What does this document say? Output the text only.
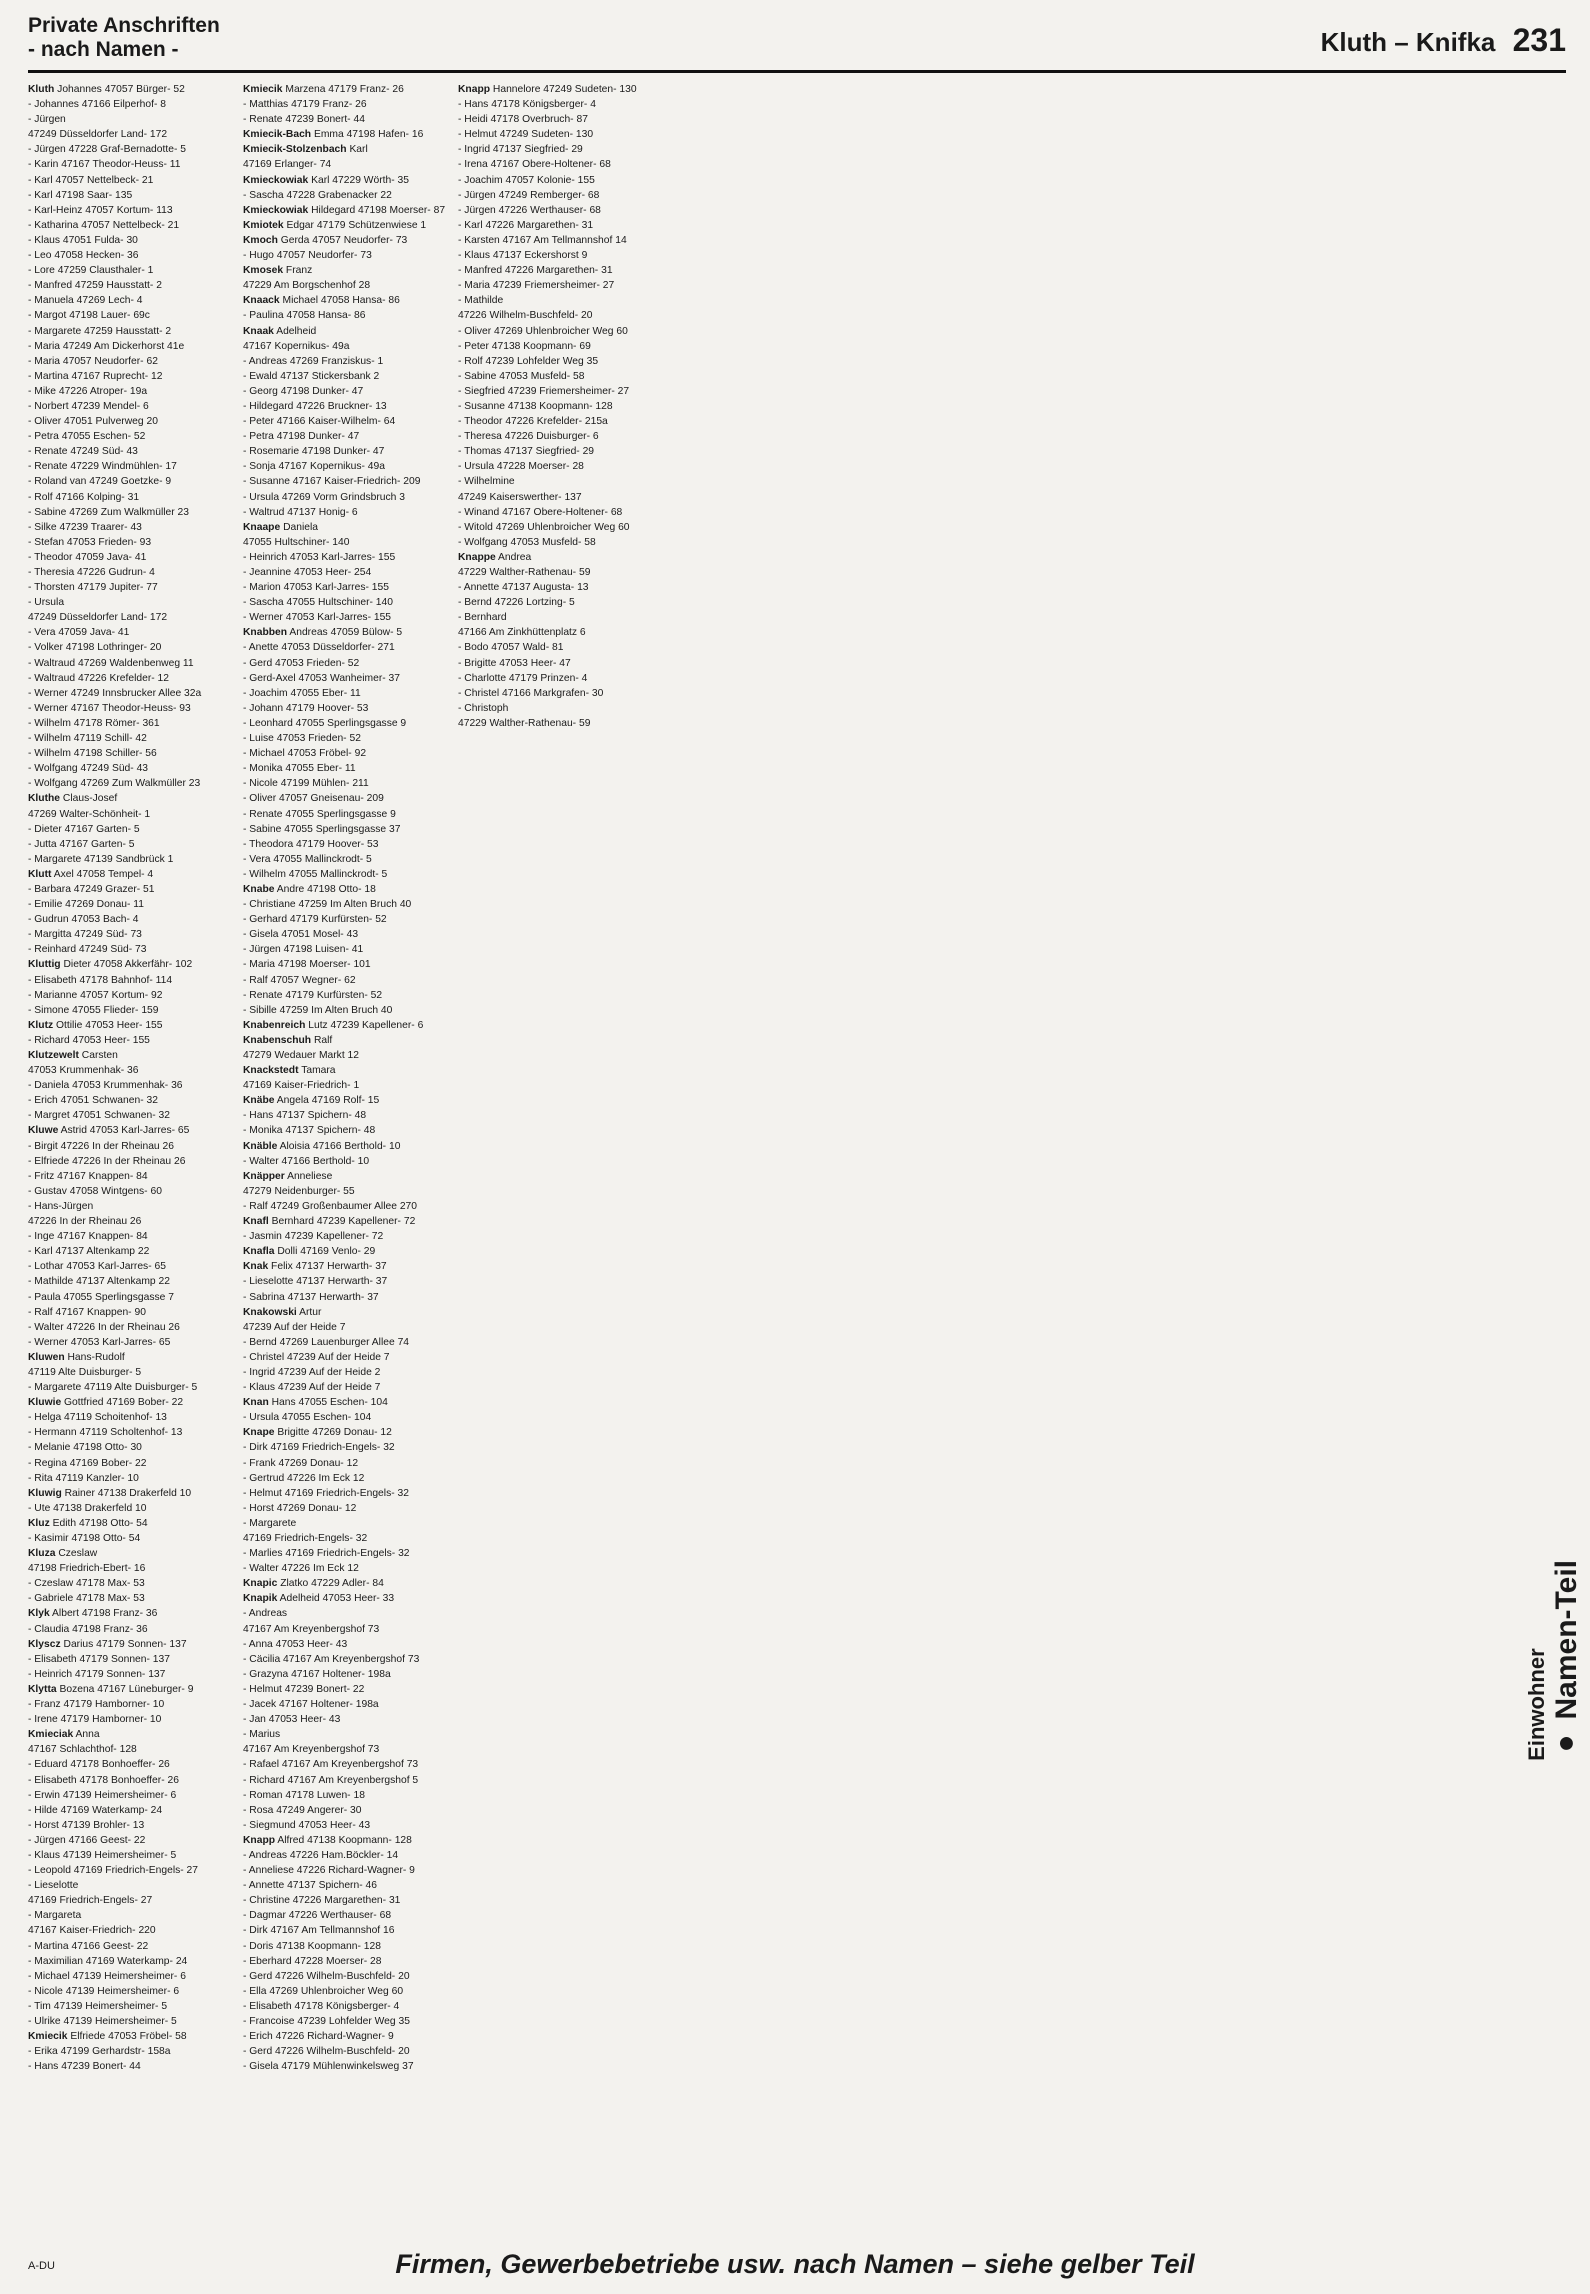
Private Anschriften
- nach Namen -	Kluth – Knifka 231
Kluth Johannes 47057 Bürger- 52
- Johannes 47166 Eilperhof- 8
- Jürgen
47249 Düsseldorfer Land- 172
- Jürgen 47228 Graf-Bernadotte- 5
- Karin 47167 Theodor-Heuss- 11
- Karl 47057 Nettelbeck- 21
- Karl 47198 Saar- 135
- Karl-Heinz 47057 Kortum- 113
- Katharina 47057 Nettelbeck- 21
- Klaus 47051 Fulda- 30
- Leo 47058 Hecken- 36
- Lore 47259 Clausthaler- 1
- Manfred 47259 Hausstatt- 2
- Manuela 47269 Lech- 4
- Margot 47198 Lauer- 69c
- Margarete 47259 Hausstatt- 2
- Maria 47249 Am Dickerhorst 41e
- Maria 47057 Neudorfer- 62
- Martina 47167 Ruprecht- 12
- Mike 47226 Atroper- 19a
- Norbert 47239 Mendel- 6
- Oliver 47051 Pulverweg 20
- Petra 47055 Eschen- 52
- Renate 47249 Süd- 43
- Renate 47229 Windmühlen- 17
- Roland van 47249 Goetzke- 9
- Rolf 47166 Kolping- 31
- Sabine 47269 Zum Walkmüller 23
- Silke 47239 Traarer- 43
- Stefan 47053 Frieden- 93
- Theodor 47059 Java- 41
- Theresia 47226 Gudrun- 4
- Thorsten 47179 Jupiter- 77
- Ursula
47249 Düsseldorfer Land- 172
- Vera 47059 Java- 41
- Volker 47198 Lothringer- 20
- Waltraud 47269 Waldenbenweg 11
- Waltraud 47226 Krefelder- 12
- Werner 47249 Innsbrucker Allee 32a
- Werner 47167 Theodor-Heuss- 93
- Wilhelm 47178 Römer- 361
- Wilhelm 47119 Schill- 42
- Wilhelm 47198 Schiller- 56
- Wolfgang 47249 Süd- 43
- Wolfgang 47269 Zum Walkmüller 23
Kluthe Claus-Josef
47269 Walter-Schönheit- 1
- Dieter 47167 Garten- 5
- Jutta 47167 Garten- 5
- Margarete 47139 Sandbrück 1
Klutt Axel 47058 Tempel- 4
- Barbara 47249 Grazer- 51
- Emilie 47269 Donau- 11
- Gudrun 47053 Bach- 4
- Margitta 47249 Süd- 73
- Reinhard 47249 Süd- 73
Kluttig Dieter 47058 Akkerfähr- 102
- Elisabeth 47178 Bahnhof- 114
- Marianne 47057 Kortum- 92
- Simone 47055 Flieder- 159
Klutz Ottilie 47053 Heer- 155
- Richard 47053 Heer- 155
Klutzewelt Carsten
47053 Krummenhak- 36
- Daniela 47053 Krummenhak- 36
- Erich 47051 Schwanen- 32
- Margret 47051 Schwanen- 32
Kluwe Astrid 47053 Karl-Jarres- 65
- Birgit 47226 In der Rheinau 26
- Elfriede 47226 In der Rheinau 26
- Fritz 47167 Knappen- 84
- Gustav 47058 Wintgens- 60
- Hans-Jürgen
47226 In der Rheinau 26
- Inge 47167 Knappen- 84
- Karl 47137 Altenkamp 22
- Lothar 47053 Karl-Jarres- 65
- Mathilde 47137 Altenkamp 22
- Paula 47055 Sperlingsgasse 7
- Ralf 47167 Knappen- 90
- Walter 47226 In der Rheinau 26
- Werner 47053 Karl-Jarres- 65
Kluwen Hans-Rudolf
47119 Alte Duisburger- 5
- Margarete 47119 Alte Duisburger- 5
Kluwie Gottfried 47169 Bober- 22
- Helga 47119 Schoitenhof- 13
- Hermann 47119 Scholtenhof- 13
- Melanie 47198 Otto- 30
- Regina 47169 Bober- 22
- Rita 47119 Kanzler- 10
Kluwig Rainer 47138 Drakerfeld 10
- Ute 47138 Drakerfeld 10
Kluz Edith 47198 Otto- 54
- Kasimir 47198 Otto- 54
Kluza Czeslaw
47198 Friedrich-Ebert- 16
- Czeslaw 47178 Max- 53
- Gabriele 47178 Max- 53
Klyk Albert 47198 Franz- 36
- Claudia 47198 Franz- 36
Klyscz Darius 47179 Sonnen- 137
- Elisabeth 47179 Sonnen- 137
- Heinrich 47179 Sonnen- 137
Klytta Bozena 47167 Lüneburger- 9
- Franz 47179 Hamborner- 10
- Irene 47179 Hamborner- 10
Kmieciak Anna
47167 Schlachthof- 128
- Eduard 47178 Bonhoeffer- 26
- Elisabeth 47178 Bonhoeffer- 26
- Erwin 47139 Heimersheimer- 6
- Hilde 47169 Waterkamp- 24
- Horst 47139 Brohler- 13
- Jürgen 47166 Geest- 22
- Klaus 47139 Heimersheimer- 5
- Leopold 47169 Friedrich-Engels- 27
- Lieselotte
47169 Friedrich-Engels- 27
- Margareta
47167 Kaiser-Friedrich- 220
- Martina 47166 Geest- 22
- Maximilian 47169 Waterkamp- 24
- Michael 47139 Heimersheimer- 6
- Nicole 47139 Heimersheimer- 6
- Tim 47139 Heimersheimer- 5
- Ulrike 47139 Heimersheimer- 5
Kmiecik Elfriede 47053 Fröbel- 58
- Erika 47199 Gerhardstr- 158a
- Hans 47239 Bonert- 44
Kmiecik Marzena 47179 Franz- 26
- Matthias 47179 Franz- 26
- Renate 47239 Bonert- 44
Kmiecik-Bach Emma 47198 Hafen- 16
Kmiecik-Stolzenbach Karl
47169 Erlanger- 74
Kmieckowiak Karl 47229 Wörth- 35
- Sascha 47228 Grabenacker 22
Kmieckowiak Hildegard 47198 Moerser- 87
Kmiotek Edgar 47179 Schützenwiese 1
Kmoch Gerda 47057 Neudorfer- 73
- Hugo 47057 Neudorfer- 73
Kmosek Franz
47229 Am Borgschenhof 28
Knaack Michael 47058 Hansa- 86
- Paulina 47058 Hansa- 86
Knaak Adelheid
47167 Kopernikus- 49a
- Andreas 47269 Franziskus- 1
- Ewald 47137 Stickersbank 2
- Georg 47198 Dunker- 47
- Hildegard 47226 Bruckner- 13
- Peter 47166 Kaiser-Wilhelm- 64
- Petra 47198 Dunker- 47
- Rosemarie 47198 Dunker- 47
- Sonja 47167 Kopernikus- 49a
- Susanne 47167 Kaiser-Friedrich- 209
- Ursula 47269 Vorm Grindsbruch 3
- Waltrud 47137 Honig- 6
Knaape Daniela
47055 Hultschiner- 140
- Heinrich 47053 Karl-Jarres- 155
- Jeannine 47053 Heer- 254
- Marion 47053 Karl-Jarres- 155
- Sascha 47055 Hultschiner- 140
- Werner 47053 Karl-Jarres- 155
Knabben Andreas 47059 Bülow- 5
- Anette 47053 Düsseldorfer- 271
- Gerd 47053 Frieden- 52
- Gerd-Axel 47053 Wanheimer- 37
- Joachim 47055 Eber- 11
- Johann 47179 Hoover- 53
- Leonhard 47055 Sperlingsgasse 9
- Luise 47053 Frieden- 52
- Michael 47053 Fröbel- 92
- Monika 47055 Eber- 11
- Nicole 47199 Mühlen- 211
- Oliver 47057 Gneisenau- 209
- Renate 47055 Sperlingsgasse 9
- Sabine 47055 Sperlingsgasse 37
- Theodora 47179 Hoover- 53
- Vera 47055 Mallinckrodt- 5
- Wilhelm 47055 Mallinckrodt- 5
Knabe Andre 47198 Otto- 18
- Christiane 47259 Im Alten Bruch 40
- Gerhard 47179 Kurfürsten- 52
- Gisela 47051 Mosel- 43
- Jürgen 47198 Luisen- 41
- Maria 47198 Moerser- 101
- Ralf 47057 Wegner- 62
- Renate 47179 Kurfürsten- 52
- Sibille 47259 Im Alten Bruch 40
Knabenreich Lutz 47239 Kapellener- 6
Knabenschuh Ralf
47279 Wedauer Markt 12
Knackstedt Tamara
47169 Kaiser-Friedrich- 1
Knäbe Angela 47169 Rolf- 15
- Hans 47137 Spichern- 48
- Monika 47137 Spichern- 48
Knäble Aloisia 47166 Berthold- 10
- Walter 47166 Berthold- 10
Knäpper Anneliese
47279 Neidenburger- 55
- Ralf 47249 Großenbaumer Allee 270
Knafl Bernhard 47239 Kapellener- 72
- Jasmin 47239 Kapellener- 72
Knafla Dolli 47169 Venlo- 29
Knak Felix 47137 Herwarth- 37
- Lieselotte 47137 Herwarth- 37
- Sabrina 47137 Herwarth- 37
Knakowski Artur
47239 Auf der Heide 7
- Bernd 47269 Lauenburger Allee 74
- Christel 47239 Auf der Heide 7
- Ingrid 47239 Auf der Heide 2
- Klaus 47239 Auf der Heide 7
Knan Hans 47055 Eschen- 104
- Ursula 47055 Eschen- 104
Knape Brigitte 47269 Donau- 12
- Dirk 47169 Friedrich-Engels- 32
- Frank 47269 Donau- 12
- Gertrud 47226 Im Eck 12
- Helmut 47169 Friedrich-Engels- 32
- Horst 47269 Donau- 12
- Margarete
47169 Friedrich-Engels- 32
- Marlies 47169 Friedrich-Engels- 32
- Walter 47226 Im Eck 12
Knapic Zlatko 47229 Adler- 84
Knapik Adelheid 47053 Heer- 33
- Andreas
47167 Am Kreyenbergshof 73
- Anna 47053 Heer- 43
- Cäcilia 47167 Am Kreyenbergshof 73
- Grazyna 47167 Holtener- 198a
- Helmut 47239 Bonert- 22
- Jacek 47167 Holtener- 198a
- Jan 47053 Heer- 43
- Marius
47167 Am Kreyenbergshof 73
- Rafael 47167 Am Kreyenbergshof 73
- Richard 47167 Am Kreyenbergshof 5
- Roman 47178 Luwen- 18
- Rosa 47249 Angerer- 30
- Siegmund 47053 Heer- 43
Knapp Alfred 47138 Koopmann- 128
- Andreas 47226 Ham.Böckler- 14
- Anneliese 47226 Richard-Wagner- 9
- Annette 47137 Spichern- 46
- Christine 47226 Margarethen- 31
- Dagmar 47226 Werthauser- 68
- Dirk 47167 Am Tellmannshof 16
- Doris 47138 Koopmann- 128
- Eberhard 47228 Moerser- 28
- Gerd 47226 Wilhelm-Buschfeld- 20
- Ella 47269 Uhlenbroicher Weg 60
- Elisabeth 47178 Königsberger- 4
- Francoise 47239 Lohfelder Weg 35
- Erich 47226 Richard-Wagner- 9
- Gerd 47226 Wilhelm-Buschfeld- 20
- Gisela 47179 Mühlenwinkelsweg 37
Knapp Hannelore 47249 Sudeten- 130
- Hans 47178 Königsberger- 4
- Heidi 47178 Overbruch- 87
- Helmut 47249 Sudeten- 130
- Ingrid 47137 Siegfried- 29
- Irena 47167 Obere-Holtener- 68
- Joachim 47057 Kolonie- 155
- Jürgen 47249 Remberger- 68
- Jürgen 47226 Werthauser- 68
- Karl 47226 Margarethen- 31
- Karsten 47167 Am Tellmannshof 14
- Klaus 47137 Eckershorst 9
- Manfred 47226 Margarethen- 31
- Maria 47239 Friemersheimer- 27
- Mathilde
47226 Wilhelm-Buschfeld- 20
- Oliver 47269 Uhlenbroicher Weg 60
- Peter 47138 Koopmann- 69
- Rolf 47239 Lohfelder Weg 35
- Sabine 47053 Musfeld- 58
- Siegfried 47239 Friemersheimer- 27
- Susanne 47138 Koopmann- 128
- Theodor 47226 Krefelder- 215a
- Theresa 47226 Duisburger- 6
- Thomas 47137 Siegfried- 29
- Ursula 47228 Moerser- 28
- Wilhelmine
47249 Kaiserswerther- 137
- Winand 47167 Obere-Holtener- 68
- Witold 47269 Uhlenbroicher Weg 60
- Wolfgang 47053 Musfeld- 58
Knappe Andrea
47229 Walther-Rathenau- 59
- Annette 47137 Augusta- 13
- Bernd 47226 Lortzing- 5
- Bernhard
47166 Am Zinkhüttenplatz 6
- Bodo 47057 Wald- 81
- Brigitte 47053 Heer- 47
- Charlotte 47179 Prinzen- 4
- Christel 47166 Markgrafen- 30
- Christoph
47229 Walther-Rathenau- 59
Einwohner
● Namen-Teil
A-DU	Firmen, Gewerbebetriebe usw. nach Namen – siehe gelber Teil
